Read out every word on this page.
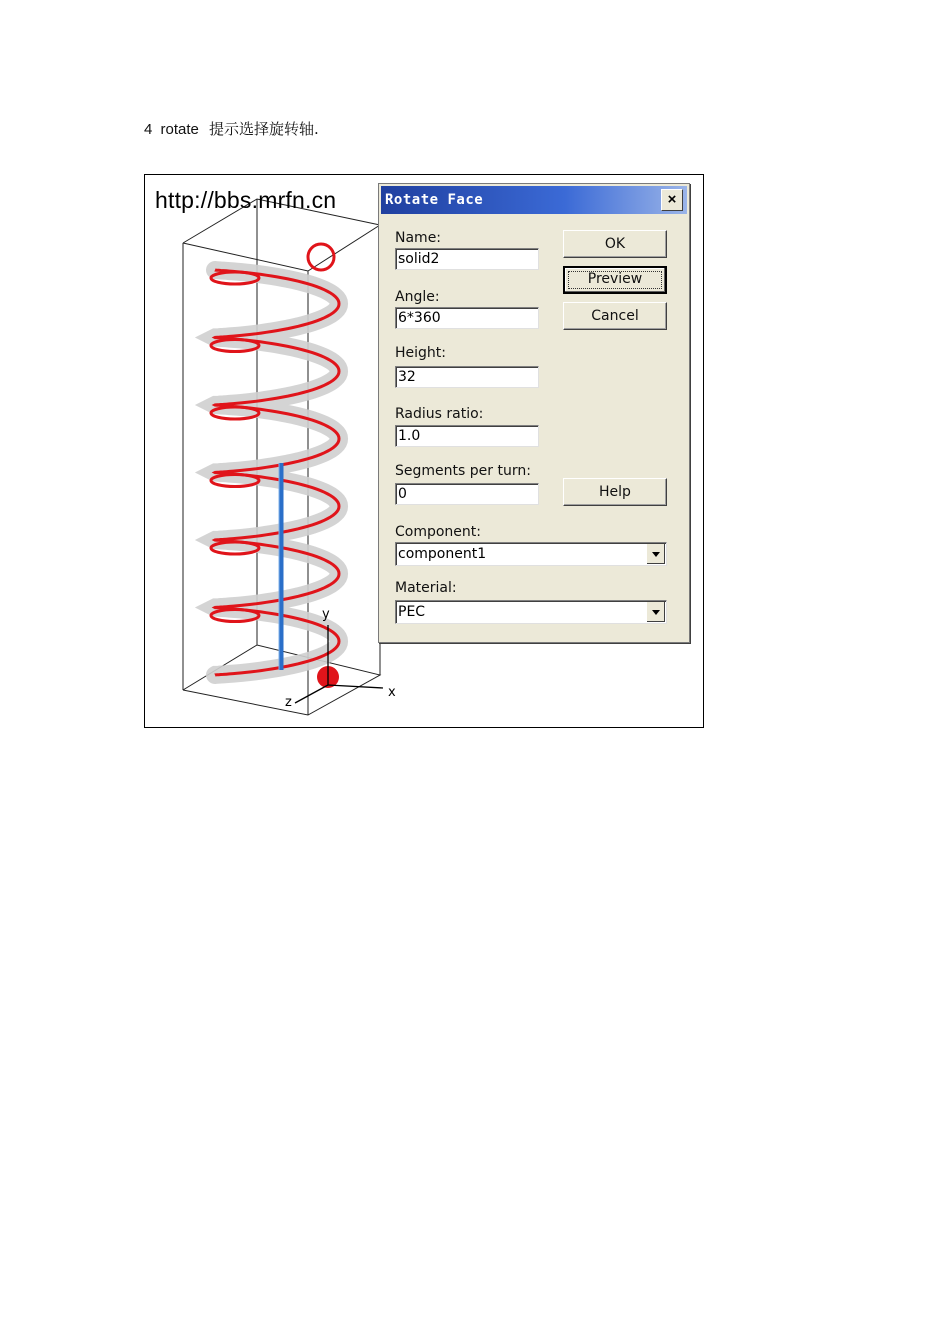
4 rotate 提示选择旋转轴.
http://bbs.mrfn.cn
y
x
z
Rotate Face	×
Name:
solid2
Angle:
6*360
Height:
32
Radius ratio:
1.0
Segments per turn:
0
Component:
component1
Material:
PEC
OK
Preview
Cancel
Help
